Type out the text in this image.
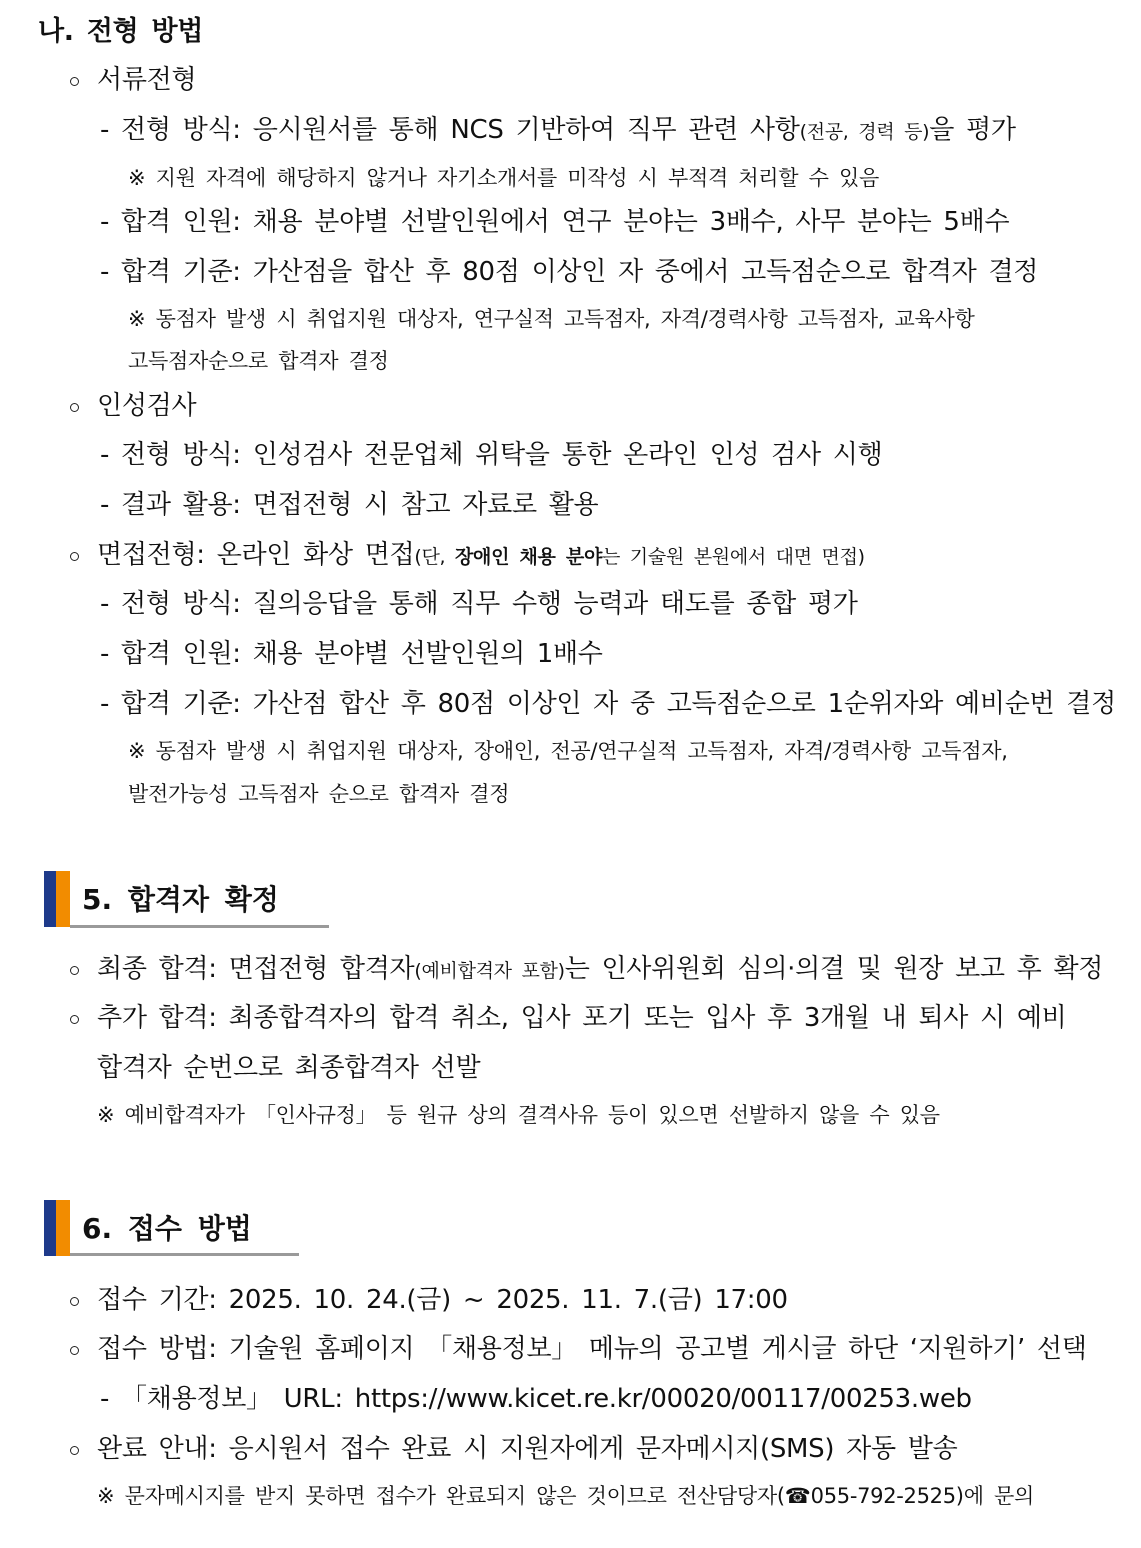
나. 전형 방법
서류전형
- 전형 방식: 응시원서를 통해 NCS 기반하여 직무 관련 사항(전공, 경력 등)을 평가
※ 지원 자격에 해당하지 않거나 자기소개서를 미작성 시 부적격 처리할 수 있음
- 합격 인원: 채용 분야별 선발인원에서 연구 분야는 3배수, 사무 분야는 5배수
- 합격 기준: 가산점을 합산 후 80점 이상인 자 중에서 고득점순으로 합격자 결정
※ 동점자 발생 시 취업지원 대상자, 연구실적 고득점자, 자격/경력사항 고득점자, 교육사항
고득점자순으로 합격자 결정
인성검사
- 전형 방식: 인성검사 전문업체 위탁을 통한 온라인 인성 검사 시행
- 결과 활용: 면접전형 시 참고 자료로 활용
면접전형: 온라인 화상 면접(단, 장애인 채용 분야는 기술원 본원에서 대면 면접)
- 전형 방식: 질의응답을 통해 직무 수행 능력과 태도를 종합 평가
- 합격 인원: 채용 분야별 선발인원의 1배수
- 합격 기준: 가산점 합산 후 80점 이상인 자 중 고득점순으로 1순위자와 예비순번 결정
※ 동점자 발생 시 취업지원 대상자, 장애인, 전공/연구실적 고득점자, 자격/경력사항 고득점자,
발전가능성 고득점자 순으로 합격자 결정
5. 합격자 확정
최종 합격: 면접전형 합격자(예비합격자 포함)는 인사위원회 심의·의결 및 원장 보고 후 확정
추가 합격: 최종합격자의 합격 취소, 입사 포기 또는 입사 후 3개월 내 퇴사 시 예비
합격자 순번으로 최종합격자 선발
※ 예비합격자가 「인사규정」 등 원규 상의 결격사유 등이 있으면 선발하지 않을 수 있음
6. 접수 방법
접수 기간: 2025. 10. 24.(금) ~ 2025. 11. 7.(금) 17:00
접수 방법: 기술원 홈페이지 「채용정보」 메뉴의 공고별 게시글 하단 ‘지원하기’ 선택
- 「채용정보」 URL: https://www.kicet.re.kr/00020/00117/00253.web
완료 안내: 응시원서 접수 완료 시 지원자에게 문자메시지(SMS) 자동 발송
※ 문자메시지를 받지 못하면 접수가 완료되지 않은 것이므로 전산담당자(☎055-792-2525)에 문의
